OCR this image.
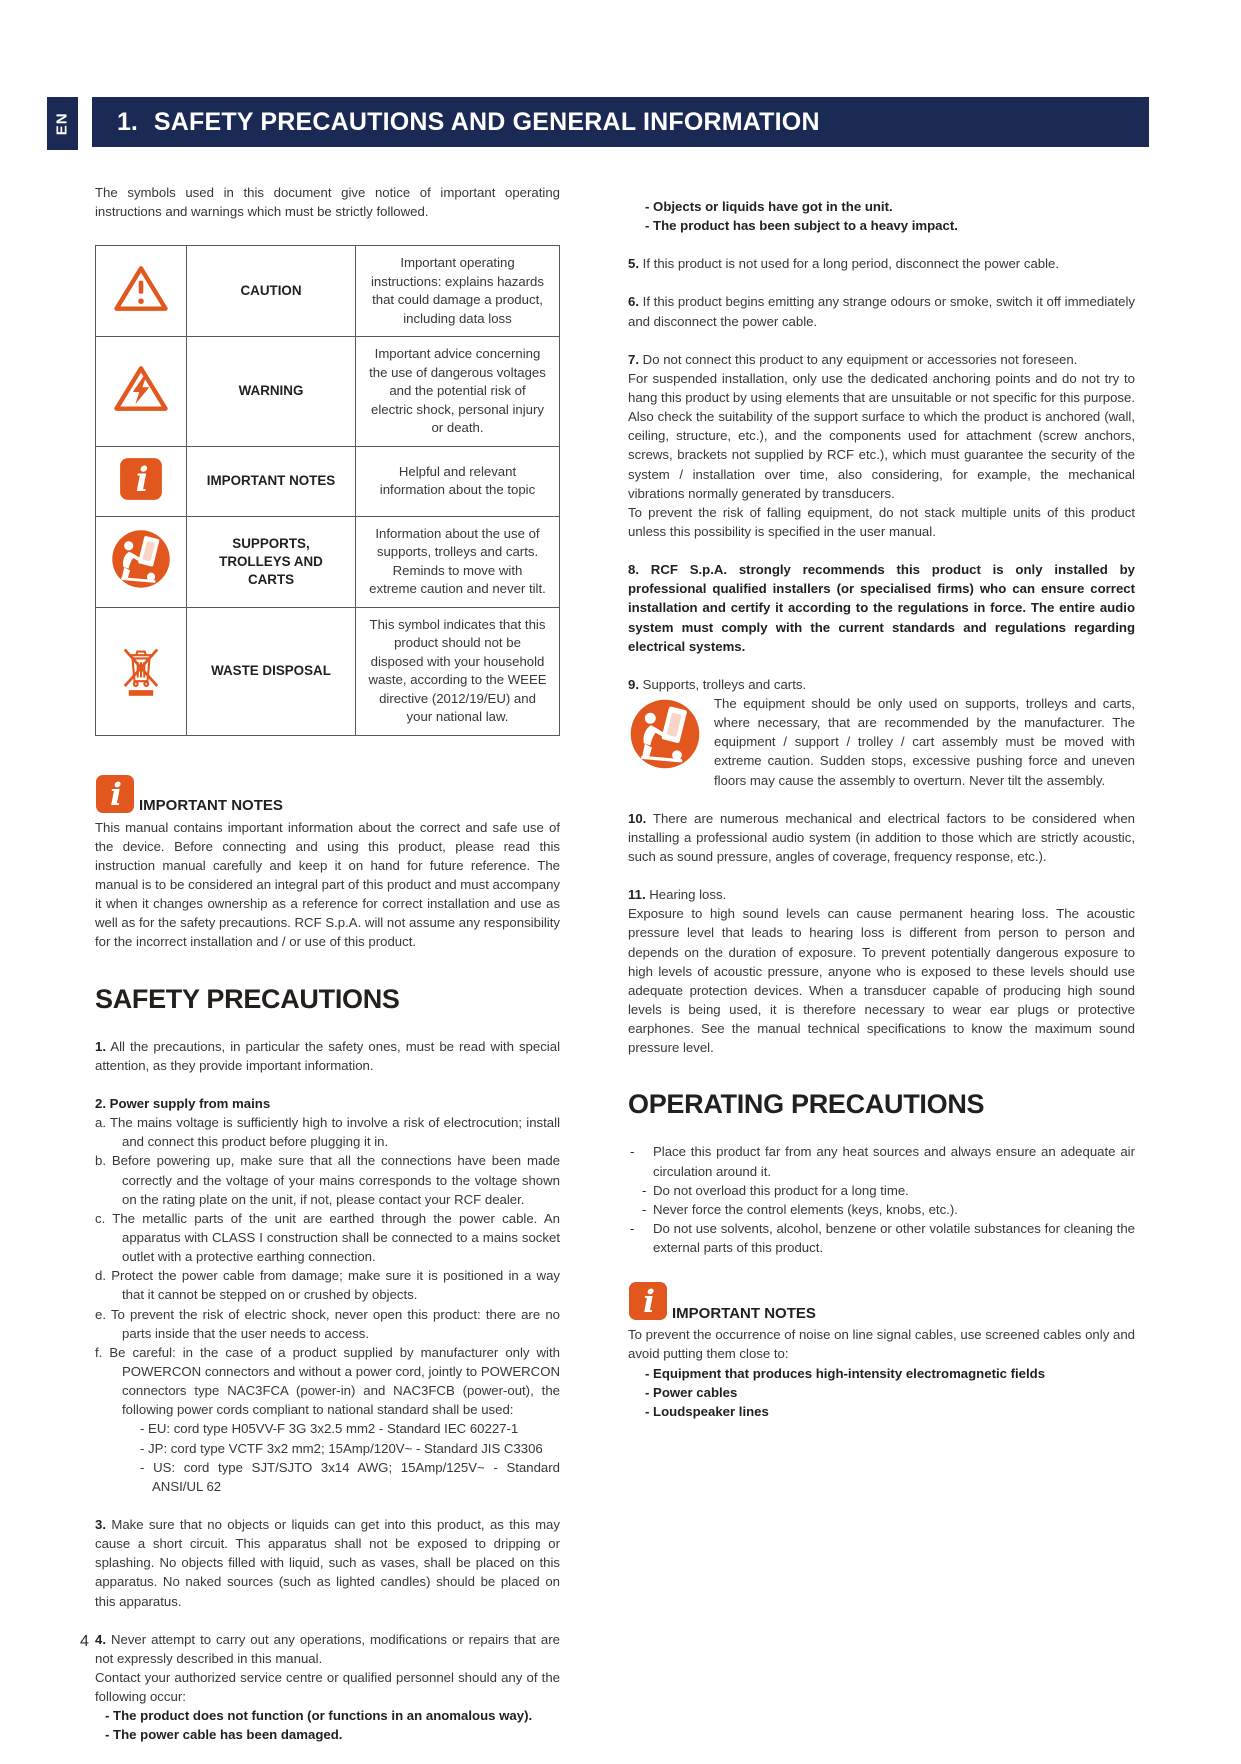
EN 1. SAFETY PRECAUTIONS AND GENERAL INFORMATION

The symbols used in this document give notice of important operating instructions and warnings which must be strictly followed.

	CAUTION	Important operating instructions: explains hazards that could damage a product, including data loss
	WARNING	Important advice concerning the use of dangerous voltages and the potential risk of electric shock, personal injury or death.
	IMPORTANT NOTES	Helpful and relevant information about the topic
	SUPPORTS, TROLLEYS AND CARTS	Information about the use of supports, trolleys and carts. Reminds to move with extreme caution and never tilt.
	WASTE DISPOSAL	This symbol indicates that this product should not be disposed with your household waste, according to the WEEE directive (2012/19/EU) and your national law.
IMPORTANT NOTES

This manual contains important information about the correct and safe use of the device. Before connecting and using this product, please read this instruction manual carefully and keep it on hand for future reference. The manual is to be considered an integral part of this product and must accompany it when it changes ownership as a reference for correct installation and use as well as for the safety precautions. RCF S.p.A. will not assume any responsibility for the incorrect installation and / or use of this product.

SAFETY PRECAUTIONS

1. All the precautions, in particular the safety ones, must be read with special attention, as they provide important information.

2. Power supply from mains

a. The mains voltage is sufficiently high to involve a risk of electrocution; install and connect this product before plugging it in.

b. Before powering up, make sure that all the connections have been made correctly and the voltage of your mains corresponds to the voltage shown on the rating plate on the unit, if not, please contact your RCF dealer.

c. The metallic parts of the unit are earthed through the power cable. An apparatus with CLASS I construction shall be connected to a mains socket outlet with a protective earthing connection.

d. Protect the power cable from damage; make sure it is positioned in a way that it cannot be stepped on or crushed by objects.

e. To prevent the risk of electric shock, never open this product: there are no parts inside that the user needs to access.

f. Be careful: in the case of a product supplied by manufacturer only with POWERCON connectors and without a power cord, jointly to POWERCON connectors type NAC3FCA (power-in) and NAC3FCB (power-out), the following power cords compliant to national standard shall be used:

- EU: cord type H05VV-F 3G 3x2.5 mm2 - Standard IEC 60227-1

- JP: cord type VCTF 3x2 mm2; 15Amp/120V~ - Standard JIS C3306

- US: cord type SJT/SJTO 3x14 AWG; 15Amp/125V~ - Standard ANSI/UL 62

3. Make sure that no objects or liquids can get into this product, as this may cause a short circuit. This apparatus shall not be exposed to dripping or splashing. No objects filled with liquid, such as vases, shall be placed on this apparatus. No naked sources (such as lighted candles) should be placed on this apparatus.

4. Never attempt to carry out any operations, modifications or repairs that are not expressly described in this manual.

Contact your authorized service centre or qualified personnel should any of the following occur:

- The product does not function (or functions in an anomalous way).

- The power cable has been damaged.

- Objects or liquids have got in the unit.

- The product has been subject to a heavy impact.

5. If this product is not used for a long period, disconnect the power cable.

6. If this product begins emitting any strange odours or smoke, switch it off immediately and disconnect the power cable.

7. Do not connect this product to any equipment or accessories not foreseen.

For suspended installation, only use the dedicated anchoring points and do not try to hang this product by using elements that are unsuitable or not specific for this purpose. Also check the suitability of the support surface to which the product is anchored (wall, ceiling, structure, etc.), and the components used for attachment (screw anchors, screws, brackets not supplied by RCF etc.), which must guarantee the security of the system / installation over time, also considering, for example, the mechanical vibrations normally generated by transducers.

To prevent the risk of falling equipment, do not stack multiple units of this product unless this possibility is specified in the user manual.

8. RCF S.p.A. strongly recommends this product is only installed by professional qualified installers (or specialised firms) who can ensure correct installation and certify it according to the regulations in force. The entire audio system must comply with the current standards and regulations regarding electrical systems.

9. Supports, trolleys and carts.

The equipment should be only used on supports, trolleys and carts, where necessary, that are recommended by the manufacturer. The equipment / support / trolley / cart assembly must be moved with extreme caution. Sudden stops, excessive pushing force and uneven floors may cause the assembly to overturn. Never tilt the assembly.

10. There are numerous mechanical and electrical factors to be considered when installing a professional audio system (in addition to those which are strictly acoustic, such as sound pressure, angles of coverage, frequency response, etc.).

11. Hearing loss.

Exposure to high sound levels can cause permanent hearing loss. The acoustic pressure level that leads to hearing loss is different from person to person and depends on the duration of exposure. To prevent potentially dangerous exposure to high levels of acoustic pressure, anyone who is exposed to these levels should use adequate protection devices. When a transducer capable of producing high sound levels is being used, it is therefore necessary to wear ear plugs or protective earphones. See the manual technical specifications to know the maximum sound pressure level.

OPERATING PRECAUTIONS
- Place this product far from any heat sources and always ensure an adequate air circulation around it.
- Do not overload this product for a long time.
- Never force the control elements (keys, knobs, etc.).
- Do not use solvents, alcohol, benzene or other volatile substances for cleaning the external parts of this product.
IMPORTANT NOTES

To prevent the occurrence of noise on line signal cables, use screened cables only and avoid putting them close to:

- Equipment that produces high-intensity electromagnetic fields

- Power cables

- Loudspeaker lines

4
